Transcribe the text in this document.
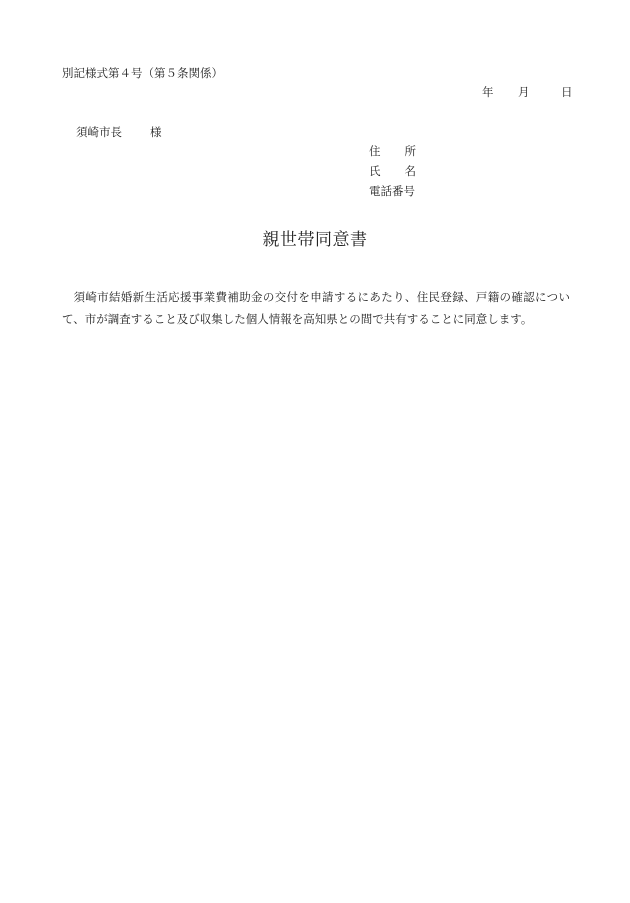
別記様式第４号（第５条関係）
年 月	日
須崎市長 様
住所
氏名
電話番号
親世帯同意書
須崎市結婚新生活応援事業費補助金の交付を申請するにあたり、住民登録、戸籍の確認について、市が調査すること及び収集した個人情報を高知県との間で共有することに同意します。
